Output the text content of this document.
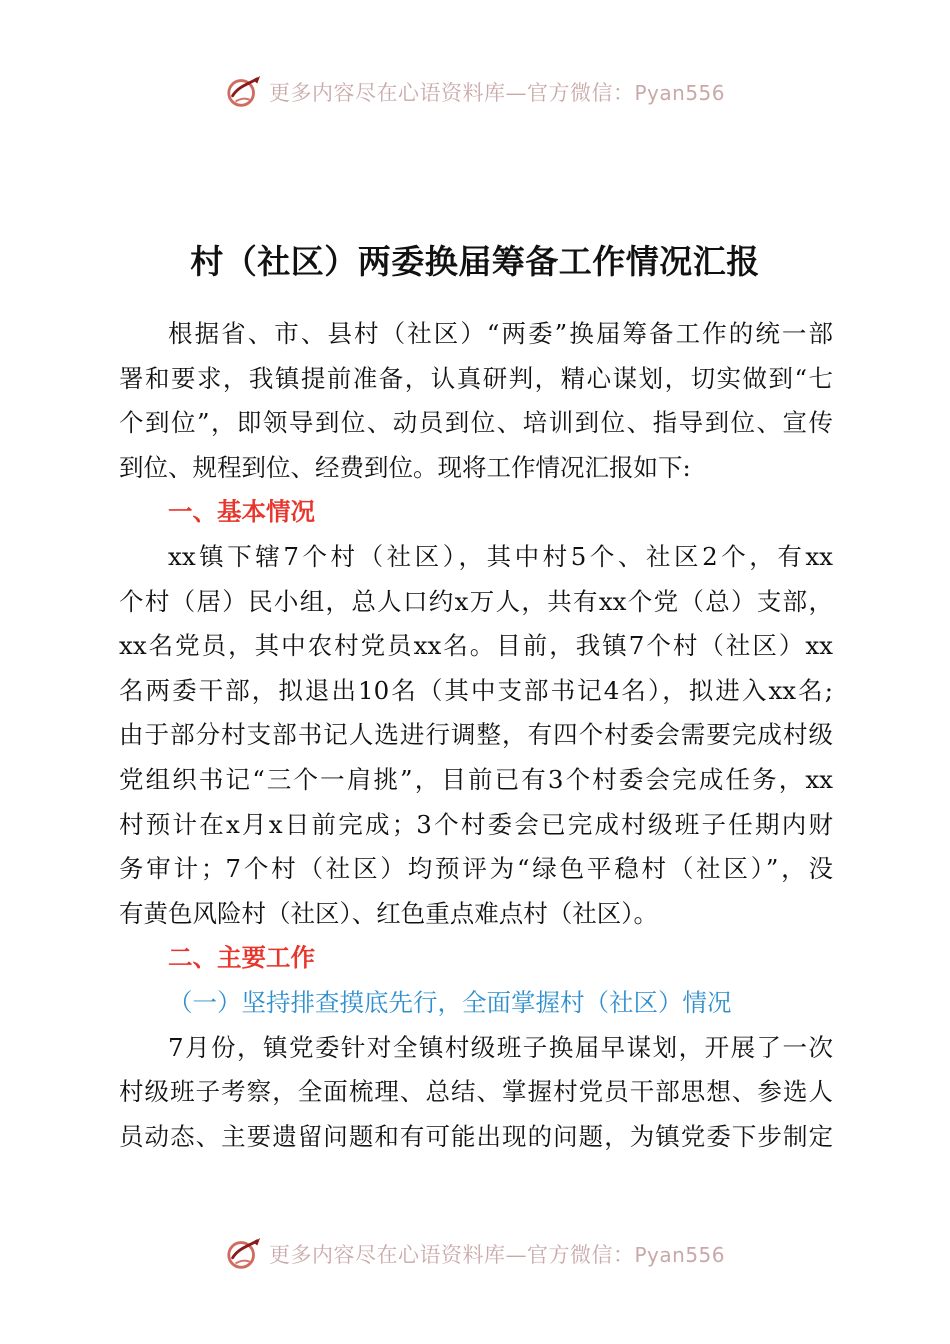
更多内容尽在心语资料库—官方微信：Pyan556
村（社区）两委换届筹备工作情况汇报
根据省、市、县村（社区）“两委”换届筹备工作的统一部
署和要求，我镇提前准备，认真研判，精心谋划，切实做到“七
个到位”，即领导到位、动员到位、培训到位、指导到位、宣传
到位、规程到位、经费到位。现将工作情况汇报如下:
一、基本情况
xx镇下辖7个村（社区），其中村5个、社区2个，有xx
个村（居）民小组，总人口约x万人，共有xx个党（总）支部，
xx名党员，其中农村党员xx名。目前，我镇7个村（社区）xx
名两委干部，拟退出10名（其中支部书记4名），拟进入xx名;
由于部分村支部书记人选进行调整，有四个村委会需要完成村级
党组织书记“三个一肩挑”，目前已有3个村委会完成任务，xx
村预计在x月x日前完成；3个村委会已完成村级班子任期内财
务审计；7个村（社区）均预评为“绿色平稳村（社区）”，没
有黄色风险村（社区）、红色重点难点村（社区）。
二、主要工作
（一）坚持排查摸底先行，全面掌握村（社区）情况
7月份，镇党委针对全镇村级班子换届早谋划，开展了一次
村级班子考察，全面梳理、总结、掌握村党员干部思想、参选人
员动态、主要遗留问题和有可能出现的问题，为镇党委下步制定
更多内容尽在心语资料库—官方微信：Pyan556
